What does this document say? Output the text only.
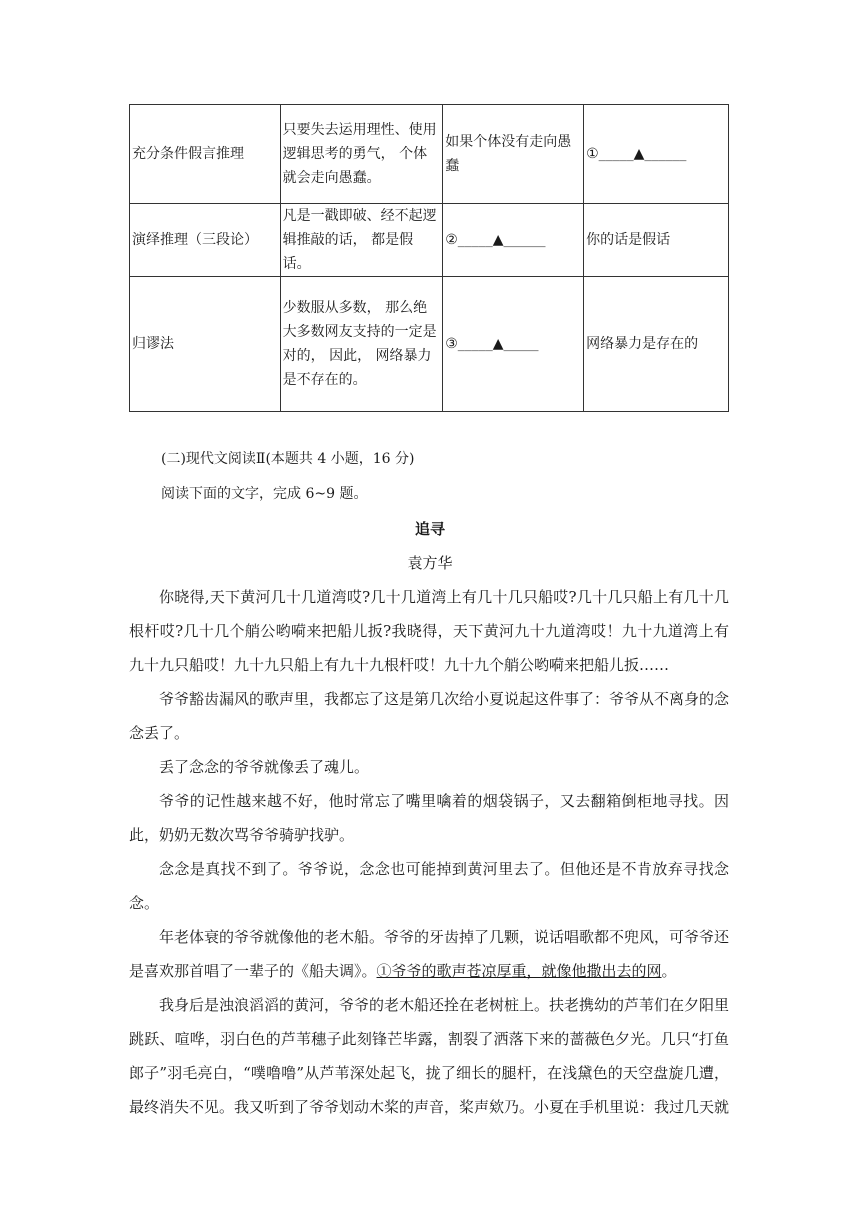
充分条件假言推理	只要失去运用理性、使用逻辑思考的勇气， 个体就会走向愚蠢。	如果个体没有走向愚蠢	①_____▲______
演绎推理（三段论）	凡是一戳即破、经不起逻辑推敲的话， 都是假话。	②_____▲______	你的话是假话
归谬法	少数服从多数， 那么绝大多数网友支持的一定是对的， 因此， 网络暴力是不存在的。	③_____▲_____	网络暴力是存在的
(二)现代文阅读Ⅱ(本题共 4 小题，16 分)
阅读下面的文字，完成 6~9 题。
追寻
袁方华

你晓得,天下黄河几十几道湾哎?几十几道湾上有几十几只船哎?几十几只船上有几十几根杆哎?几十几个艄公哟嗬来把船儿扳?我晓得，天下黄河九十九道湾哎！九十九道湾上有九十九只船哎！九十九只船上有九十九根杆哎！九十九个艄公哟嗬来把船儿扳……

爷爷豁齿漏风的歌声里，我都忘了这是第几次给小夏说起这件事了：爷爷从不离身的念念丢了。

丢了念念的爷爷就像丢了魂儿。

爷爷的记性越来越不好，他时常忘了嘴里噙着的烟袋锅子，又去翻箱倒柜地寻找。因此，奶奶无数次骂爷爷骑驴找驴。

念念是真找不到了。爷爷说，念念也可能掉到黄河里去了。但他还是不肯放弃寻找念念。

年老体衰的爷爷就像他的老木船。爷爷的牙齿掉了几颗，说话唱歌都不兜风，可爷爷还是喜欢那首唱了一辈子的《船夫调》。①爷爷的歌声苍凉厚重，就像他撒出去的网。

我身后是浊浪滔滔的黄河，爷爷的老木船还拴在老树桩上。扶老携幼的芦苇们在夕阳里跳跃、喧哗，羽白色的芦苇穗子此刻锋芒毕露，割裂了洒落下来的蔷薇色夕光。几只“打鱼郎子”羽毛亮白，“噗噜噜”从芦苇深处起飞，拢了细长的腿杆，在浅黛色的天空盘旋几遭，最终消失不见。我又听到了爷爷划动木桨的声音，桨声欸乃。小夏在手机里说：我过几天就
